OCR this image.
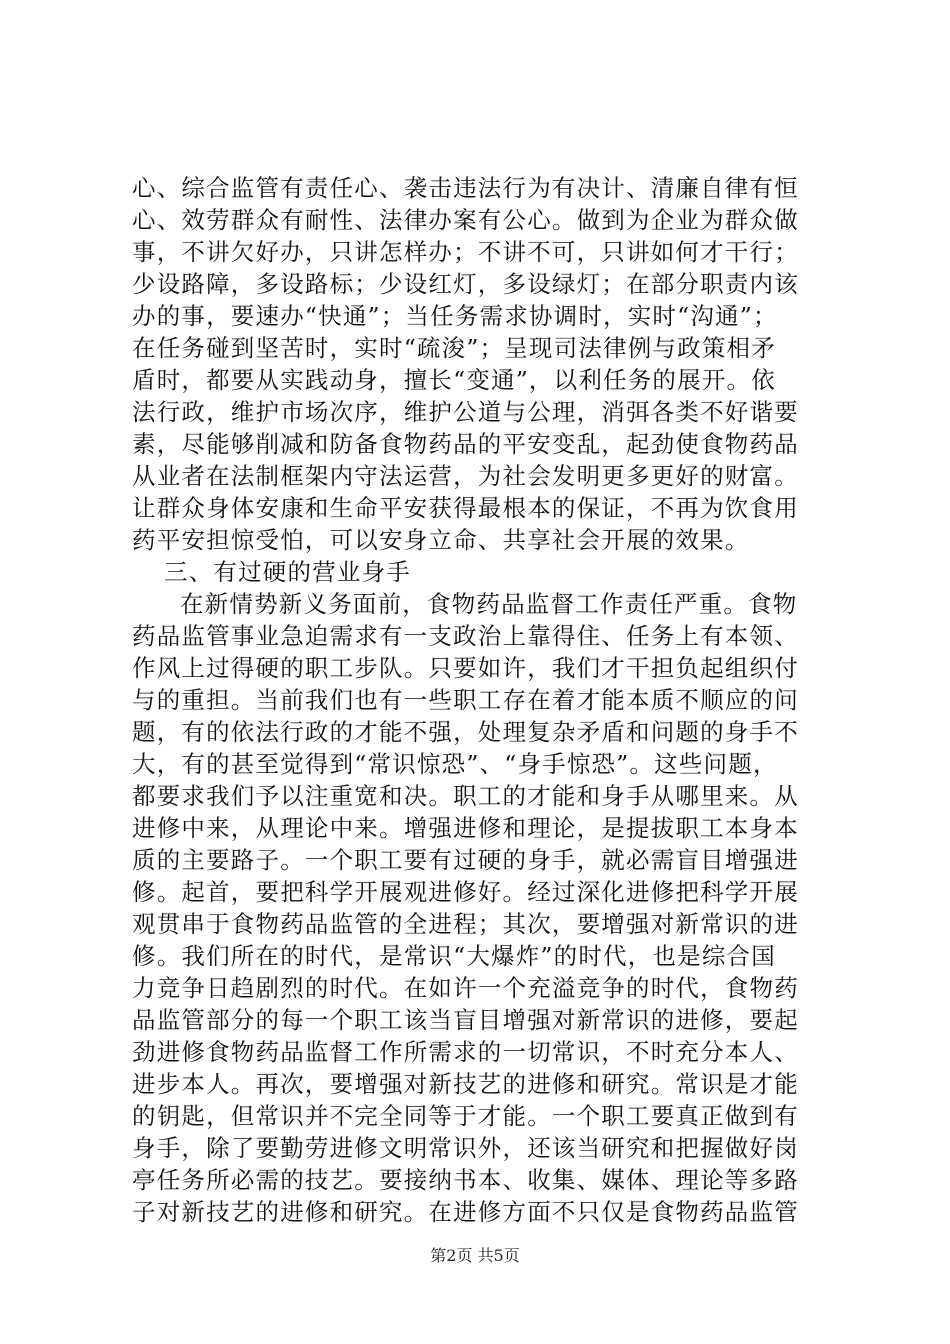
心、综合监管有责任心、袭击违法行为有决计、清廉自律有恒
心、效劳群众有耐性、法律办案有公心。做到为企业为群众做
事，不讲欠好办，只讲怎样办；不讲不可，只讲如何才干行；
少设路障，多设路标；少设红灯，多设绿灯；在部分职责内该
办的事，要速办“快通”；当任务需求协调时，实时“沟通”；
在任务碰到坚苦时，实时“疏浚”；呈现司法律例与政策相矛
盾时，都要从实践动身，擅长“变通”，以利任务的展开。依
法行政，维护市场次序，维护公道与公理，消弭各类不好谐要
素，尽能够削减和防备食物药品的平安变乱，起劲使食物药品
从业者在法制框架内守法运营，为社会发明更多更好的财富。
让群众身体安康和生命平安获得最根本的保证，不再为饮食用
药平安担惊受怕，可以安身立命、共享社会开展的效果。
三、有过硬的营业身手
在新情势新义务面前，食物药品监督工作责任严重。食物
药品监管事业急迫需求有一支政治上靠得住、任务上有本领、
作风上过得硬的职工步队。只要如许，我们才干担负起组织付
与的重担。当前我们也有一些职工存在着才能本质不顺应的问
题，有的依法行政的才能不强，处理复杂矛盾和问题的身手不
大，有的甚至觉得到“常识惊恐”、“身手惊恐”。这些问题，
都要求我们予以注重宽和决。职工的才能和身手从哪里来。从
进修中来，从理论中来。增强进修和理论，是提拔职工本身本
质的主要路子。一个职工要有过硬的身手，就必需盲目增强进
修。起首，要把科学开展观进修好。经过深化进修把科学开展
观贯串于食物药品监管的全进程；其次，要增强对新常识的进
修。我们所在的时代，是常识“大爆炸”的时代，也是综合国
力竞争日趋剧烈的时代。在如许一个充溢竞争的时代，食物药
品监管部分的每一个职工该当盲目增强对新常识的进修，要起
劲进修食物药品监督工作所需求的一切常识，不时充分本人、
进步本人。再次，要增强对新技艺的进修和研究。常识是才能
的钥匙，但常识并不完全同等于才能。一个职工要真正做到有
身手，除了要勤劳进修文明常识外，还该当研究和把握做好岗
亭任务所必需的技艺。要接纳书本、收集、媒体、理论等多路
子对新技艺的进修和研究。在进修方面不只仅是食物药品监管
第2页 共5页
